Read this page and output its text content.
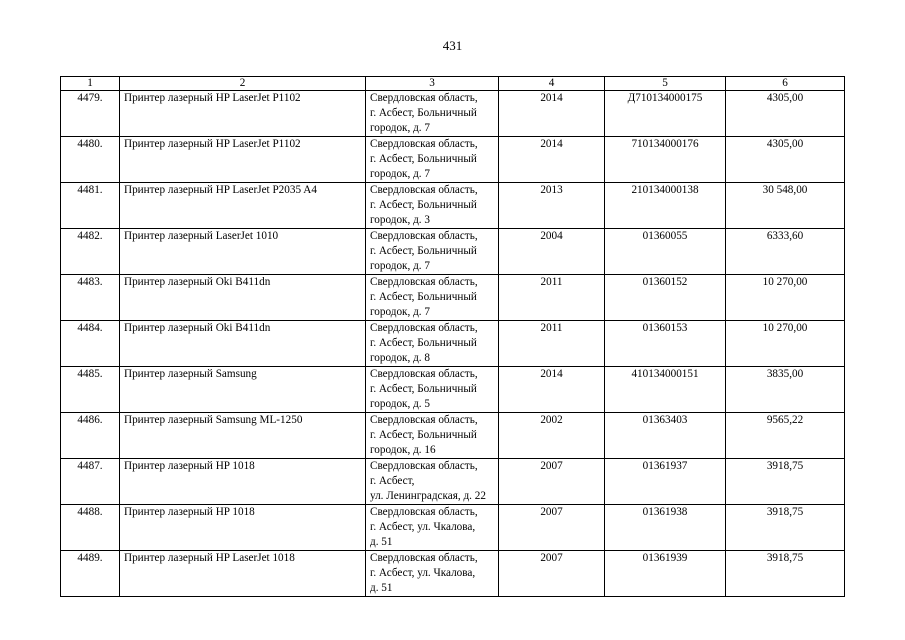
431
1	2	3	4	5	6
4479.	Принтер лазерный HP LaserJet P1102	Свердловская область,
г. Асбест, Больничный
городок, д. 7	2014	Д710134000175	4305,00
4480.	Принтер лазерный HP LaserJet P1102	Свердловская область,
г. Асбест, Больничный
городок, д. 7	2014	710134000176	4305,00
4481.	Принтер лазерный HP LaserJet P2035 A4	Свердловская область,
г. Асбест, Больничный
городок, д. 3	2013	210134000138	30 548,00
4482.	Принтер лазерный LaserJet 1010	Свердловская область,
г. Асбест, Больничный
городок, д. 7	2004	01360055	6333,60
4483.	Принтер лазерный Oki B411dn	Свердловская область,
г. Асбест, Больничный
городок, д. 7	2011	01360152	10 270,00
4484.	Принтер лазерный Oki B411dn	Свердловская область,
г. Асбест, Больничный
городок, д. 8	2011	01360153	10 270,00
4485.	Принтер лазерный Samsung	Свердловская область,
г. Асбест, Больничный
городок, д. 5	2014	410134000151	3835,00
4486.	Принтер лазерный Samsung ML-1250	Свердловская область,
г. Асбест, Больничный
городок, д. 16	2002	01363403	9565,22
4487.	Принтер лазерный HP 1018	Свердловская область,
г. Асбест,
ул. Ленинградская, д. 22	2007	01361937	3918,75
4488.	Принтер лазерный HP 1018	Свердловская область,
г. Асбест, ул. Чкалова,
д. 51	2007	01361938	3918,75
4489.	Принтер лазерный HP LaserJet 1018	Свердловская область,
г. Асбест, ул. Чкалова,
д. 51	2007	01361939	3918,75
